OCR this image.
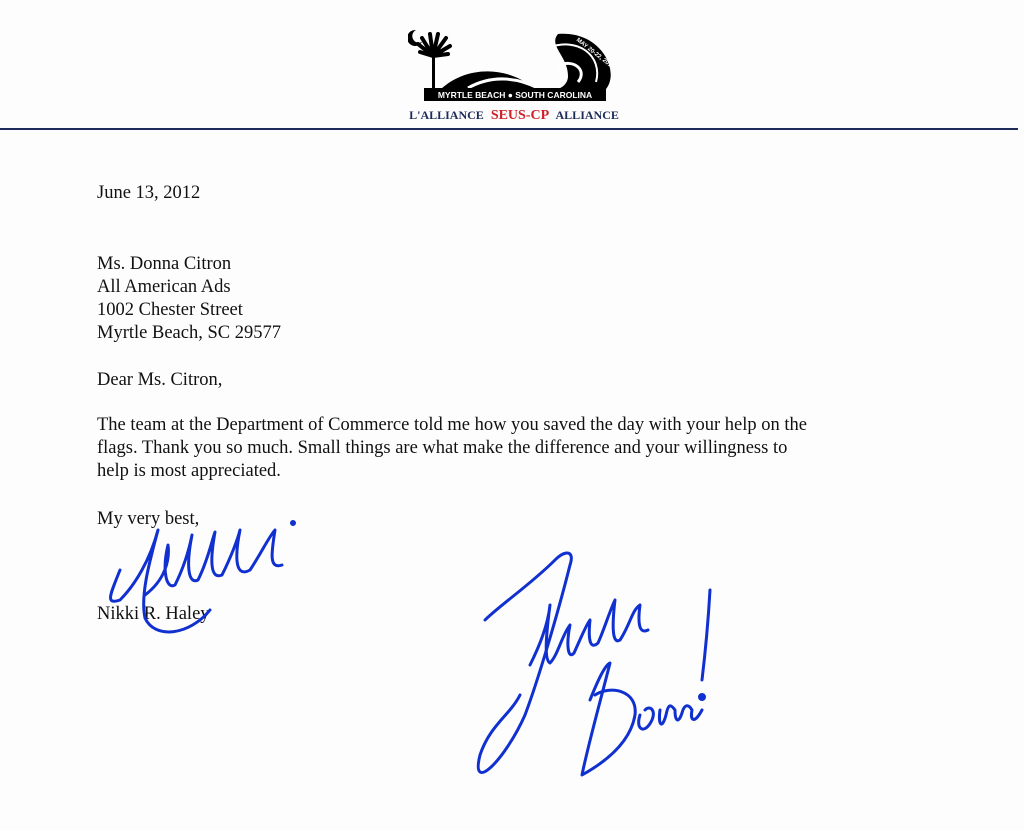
MAY 20-22, 2012
MYRTLE BEACH ● SOUTH CAROLINA
L'ALLIANCE SEUS-CP ALLIANCE
June 13, 2012
Ms. Donna Citron
All American Ads
1002 Chester Street
Myrtle Beach, SC 29577
Dear Ms. Citron,
The team at the Department of Commerce told me how you saved the day with your help on the
flags. Thank you so much. Small things are what make the difference and your willingness to
help is most appreciated.
My very best,
Nikki R. Haley
